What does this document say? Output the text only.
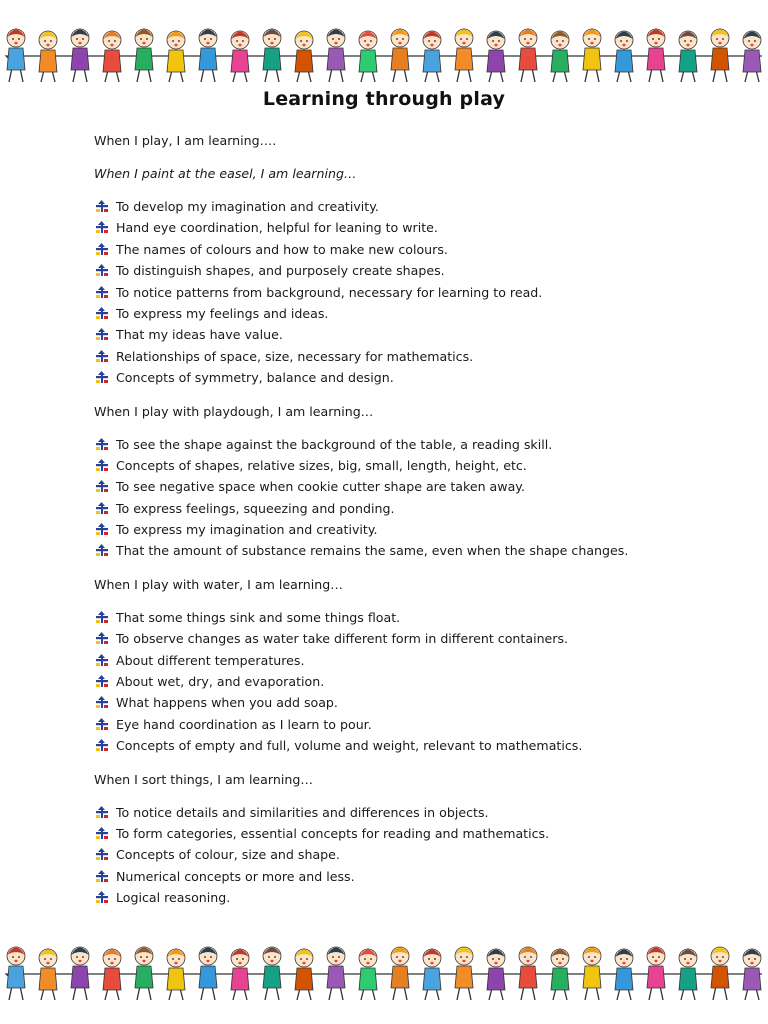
Learning through play

When I play, I am learning….

When I paint at the easel, I am learning…

To develop my imagination and creativity.
Hand eye coordination, helpful for leaning to write.
The names of colours and how to make new colours.
To distinguish shapes, and purposely create shapes.
To notice patterns from background, necessary for learning to read.
To express my feelings and ideas.
That my ideas have value.
Relationships of space, size, necessary for mathematics.
Concepts of symmetry, balance and design.

When I play with playdough, I am learning…

To see the shape against the background of the table, a reading skill.
Concepts of shapes, relative sizes, big, small, length, height, etc.
To see negative space when cookie cutter shape are taken away.
To express feelings, squeezing and ponding.
To express my imagination and creativity.
That the amount of substance remains the same, even when the shape changes.

When I play with water, I am learning…

That some things sink and some things float.
To observe changes as water take different form in different containers.
About different temperatures.
About wet, dry, and evaporation.
What happens when you add soap.
Eye hand coordination as I learn to pour.
Concepts of empty and full, volume and weight, relevant to mathematics.

When I sort things, I am learning…

To notice details and similarities and differences in objects.
To form categories, essential concepts for reading and mathematics.
Concepts of colour, size and shape.
Numerical concepts or more and less.
Logical reasoning.
